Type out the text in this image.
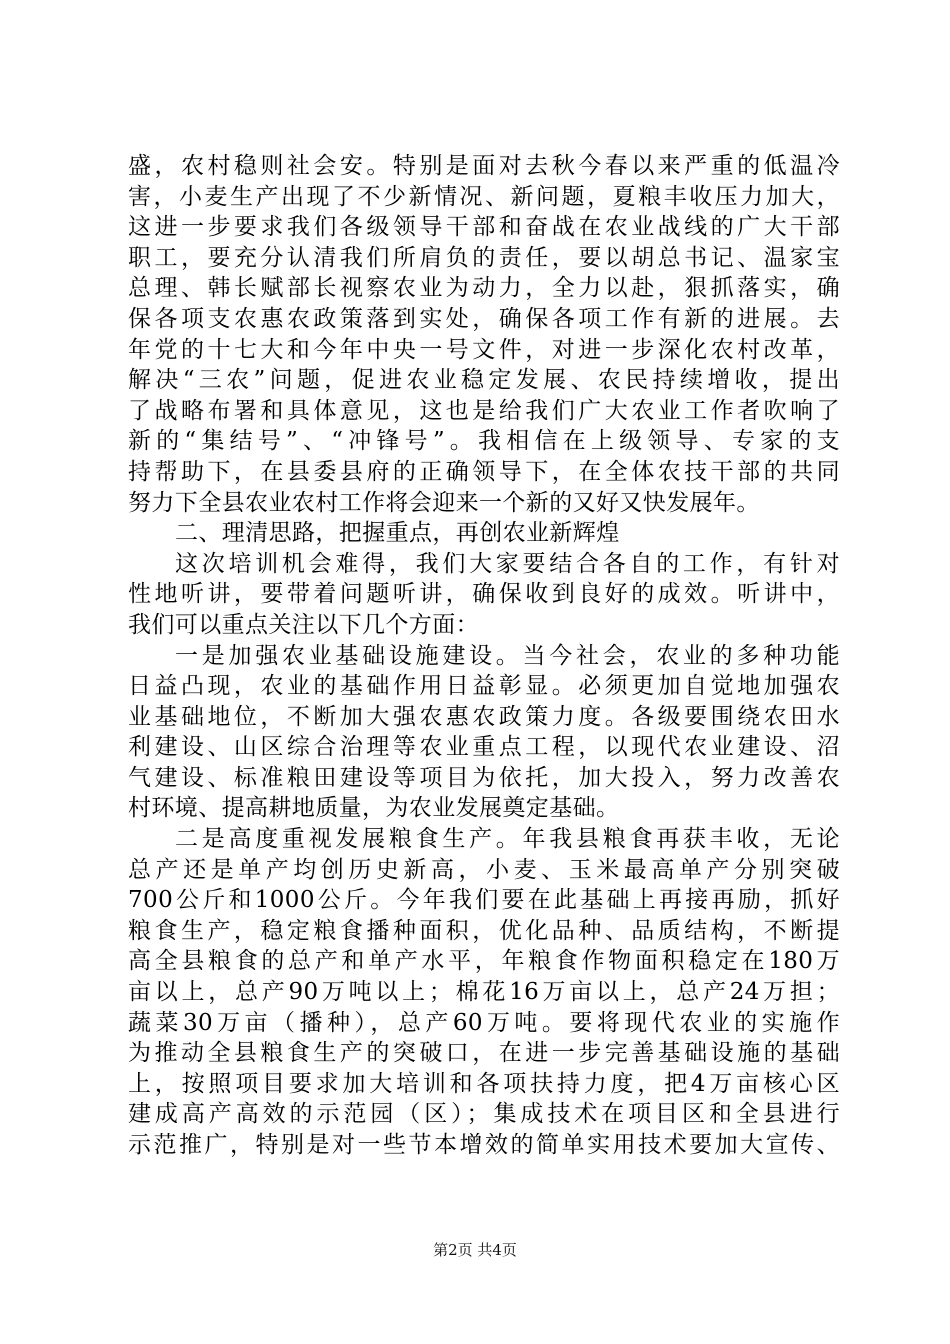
盛，农村稳则社会安。特别是面对去秋今春以来严重的低温冷
害，小麦生产出现了不少新情况、新问题，夏粮丰收压力加大，
这进一步要求我们各级领导干部和奋战在农业战线的广大干部
职工，要充分认清我们所肩负的责任，要以胡总书记、温家宝
总理、韩长赋部长视察农业为动力，全力以赴，狠抓落实，确
保各项支农惠农政策落到实处，确保各项工作有新的进展。去
年党的十七大和今年中央一号文件，对进一步深化农村改革，
解决“三农”问题，促进农业稳定发展、农民持续增收，提出
了战略布署和具体意见，这也是给我们广大农业工作者吹响了
新的“集结号”、“冲锋号”。我相信在上级领导、专家的支
持帮助下，在县委县府的正确领导下，在全体农技干部的共同
努力下全县农业农村工作将会迎来一个新的又好又快发展年。
二、理清思路，把握重点，再创农业新辉煌
这次培训机会难得，我们大家要结合各自的工作，有针对
性地听讲，要带着问题听讲，确保收到良好的成效。听讲中，
我们可以重点关注以下几个方面：
一是加强农业基础设施建设。当今社会，农业的多种功能
日益凸现，农业的基础作用日益彰显。必须更加自觉地加强农
业基础地位，不断加大强农惠农政策力度。各级要围绕农田水
利建设、山区综合治理等农业重点工程，以现代农业建设、沼
气建设、标准粮田建设等项目为依托，加大投入，努力改善农
村环境、提高耕地质量，为农业发展奠定基础。
二是高度重视发展粮食生产。年我县粮食再获丰收，无论
总产还是单产均创历史新高，小麦、玉米最高单产分别突破
700公斤和1000公斤。今年我们要在此基础上再接再励，抓好
粮食生产，稳定粮食播种面积，优化品种、品质结构，不断提
高全县粮食的总产和单产水平，年粮食作物面积稳定在180万
亩以上，总产90万吨以上；棉花16万亩以上，总产24万担；
蔬菜30万亩（播种），总产60万吨。要将现代农业的实施作
为推动全县粮食生产的突破口，在进一步完善基础设施的基础
上，按照项目要求加大培训和各项扶持力度，把4万亩核心区
建成高产高效的示范园（区）；集成技术在项目区和全县进行
示范推广，特别是对一些节本增效的简单实用技术要加大宣传、
第2页 共4页
